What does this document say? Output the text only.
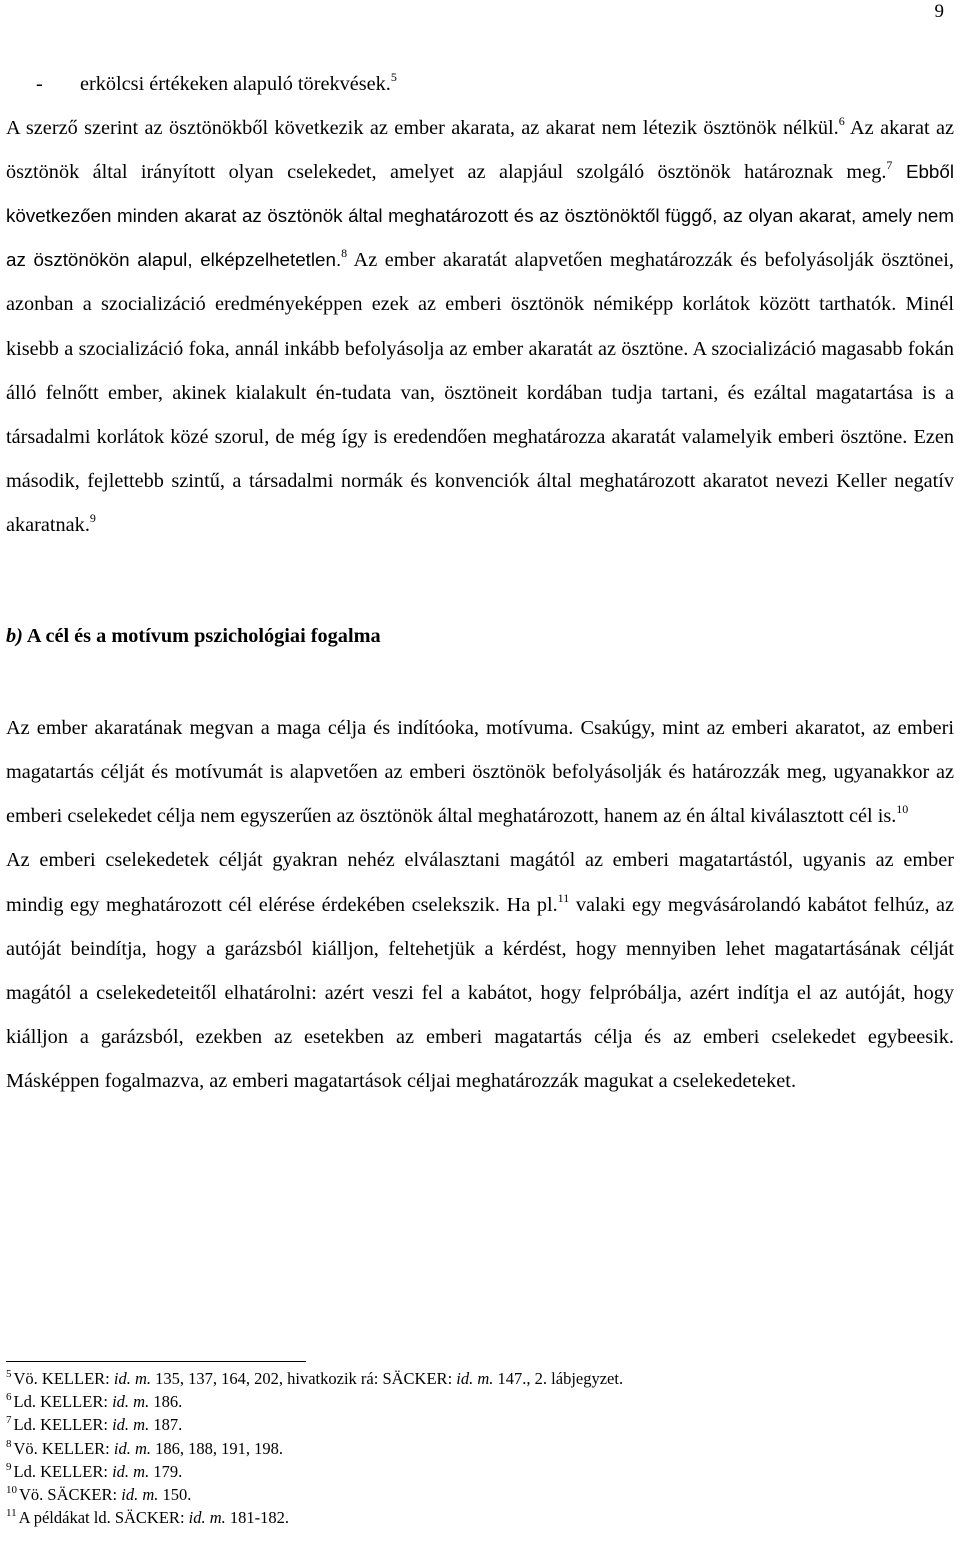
9

- erkölcsi értékeken alapuló törekvések.$^5$

A szerző szerint az ösztönökből következik az ember akarata, az akarat nem létezik ösztönök nélkül.$^6$ Az akarat az ösztönök által irányított olyan cselekedet, amelyet az alapjául szolgáló ösztönök határoznak meg.$^7$ Ebből következően minden akarat az ösztönök által meghatározott és az ösztönöktől függő, az olyan akarat, amely nem az ösztönökön alapul, elképzelhetetlen.$^8$ Az ember akaratát alapvetően meghatározzák és befolyásolják ösztönei, azonban a szocializáció eredményeképpen ezek az emberi ösztönök némiképp korlátok között tarthatók. Minél kisebb a szocializáció foka, annál inkább befolyásolja az ember akaratát az ösztöne. A szocializáció magasabb fokán álló felnőtt ember, akinek kialakult én-tudata van, ösztöneit kordában tudja tartani, és ezáltal magatartása is a társadalmi korlátok közé szorul, de még így is eredendően meghatározza akaratát valamelyik emberi ösztöne. Ezen második, fejlettebb szintű, a társadalmi normák és konvenciók által meghatározott akaratot nevezi Keller negatív akaratnak.$^9$

b) A cél és a motívum pszichológiai fogalma

Az ember akaratának megvan a maga célja és indítóoka, motívuma. Csakúgy, mint az emberi akaratot, az emberi magatartás célját és motívumát is alapvetően az emberi ösztönök befolyásolják és határozzák meg, ugyanakkor az emberi cselekedet célja nem egyszerűen az ösztönök által meghatározott, hanem az én által kiválasztott cél is.$^{10}$

Az emberi cselekedetek célját gyakran nehéz elválasztani magától az emberi magatartástól, ugyanis az ember mindig egy meghatározott cél elérése érdekében cselekszik. Ha pl.$^{11}$ valaki egy megvásárolandó kabátot felhúz, az autóját beindítja, hogy a garázsból kiálljon, feltehetjük a kérdést, hogy mennyiben lehet magatartásának célját magától a cselekedeteitől elhatárolni: azért veszi fel a kabátot, hogy felpróbálja, azért indítja el az autóját, hogy kiálljon a garázsból, ezekben az esetekben az emberi magatartás célja és az emberi cselekedet egybeesik. Másképpen fogalmazva, az emberi magatartások céljai meghatározzák magukat a cselekedeteket.

$^5$ Vö. KELLER: id. m. 135, 137, 164, 202, hivatkozik rá: SÄCKER: id. m. 147., 2. lábjegyzet.
$^6$ Ld. KELLER: id. m. 186.
$^7$ Ld. KELLER: id. m. 187.
$^8$ Vö. KELLER: id. m. 186, 188, 191, 198.
$^9$ Ld. KELLER: id. m. 179.
$^{10}$ Vö. SÄCKER: id. m. 150.
$^{11}$ A példákat ld. SÄCKER: id. m. 181-182.
